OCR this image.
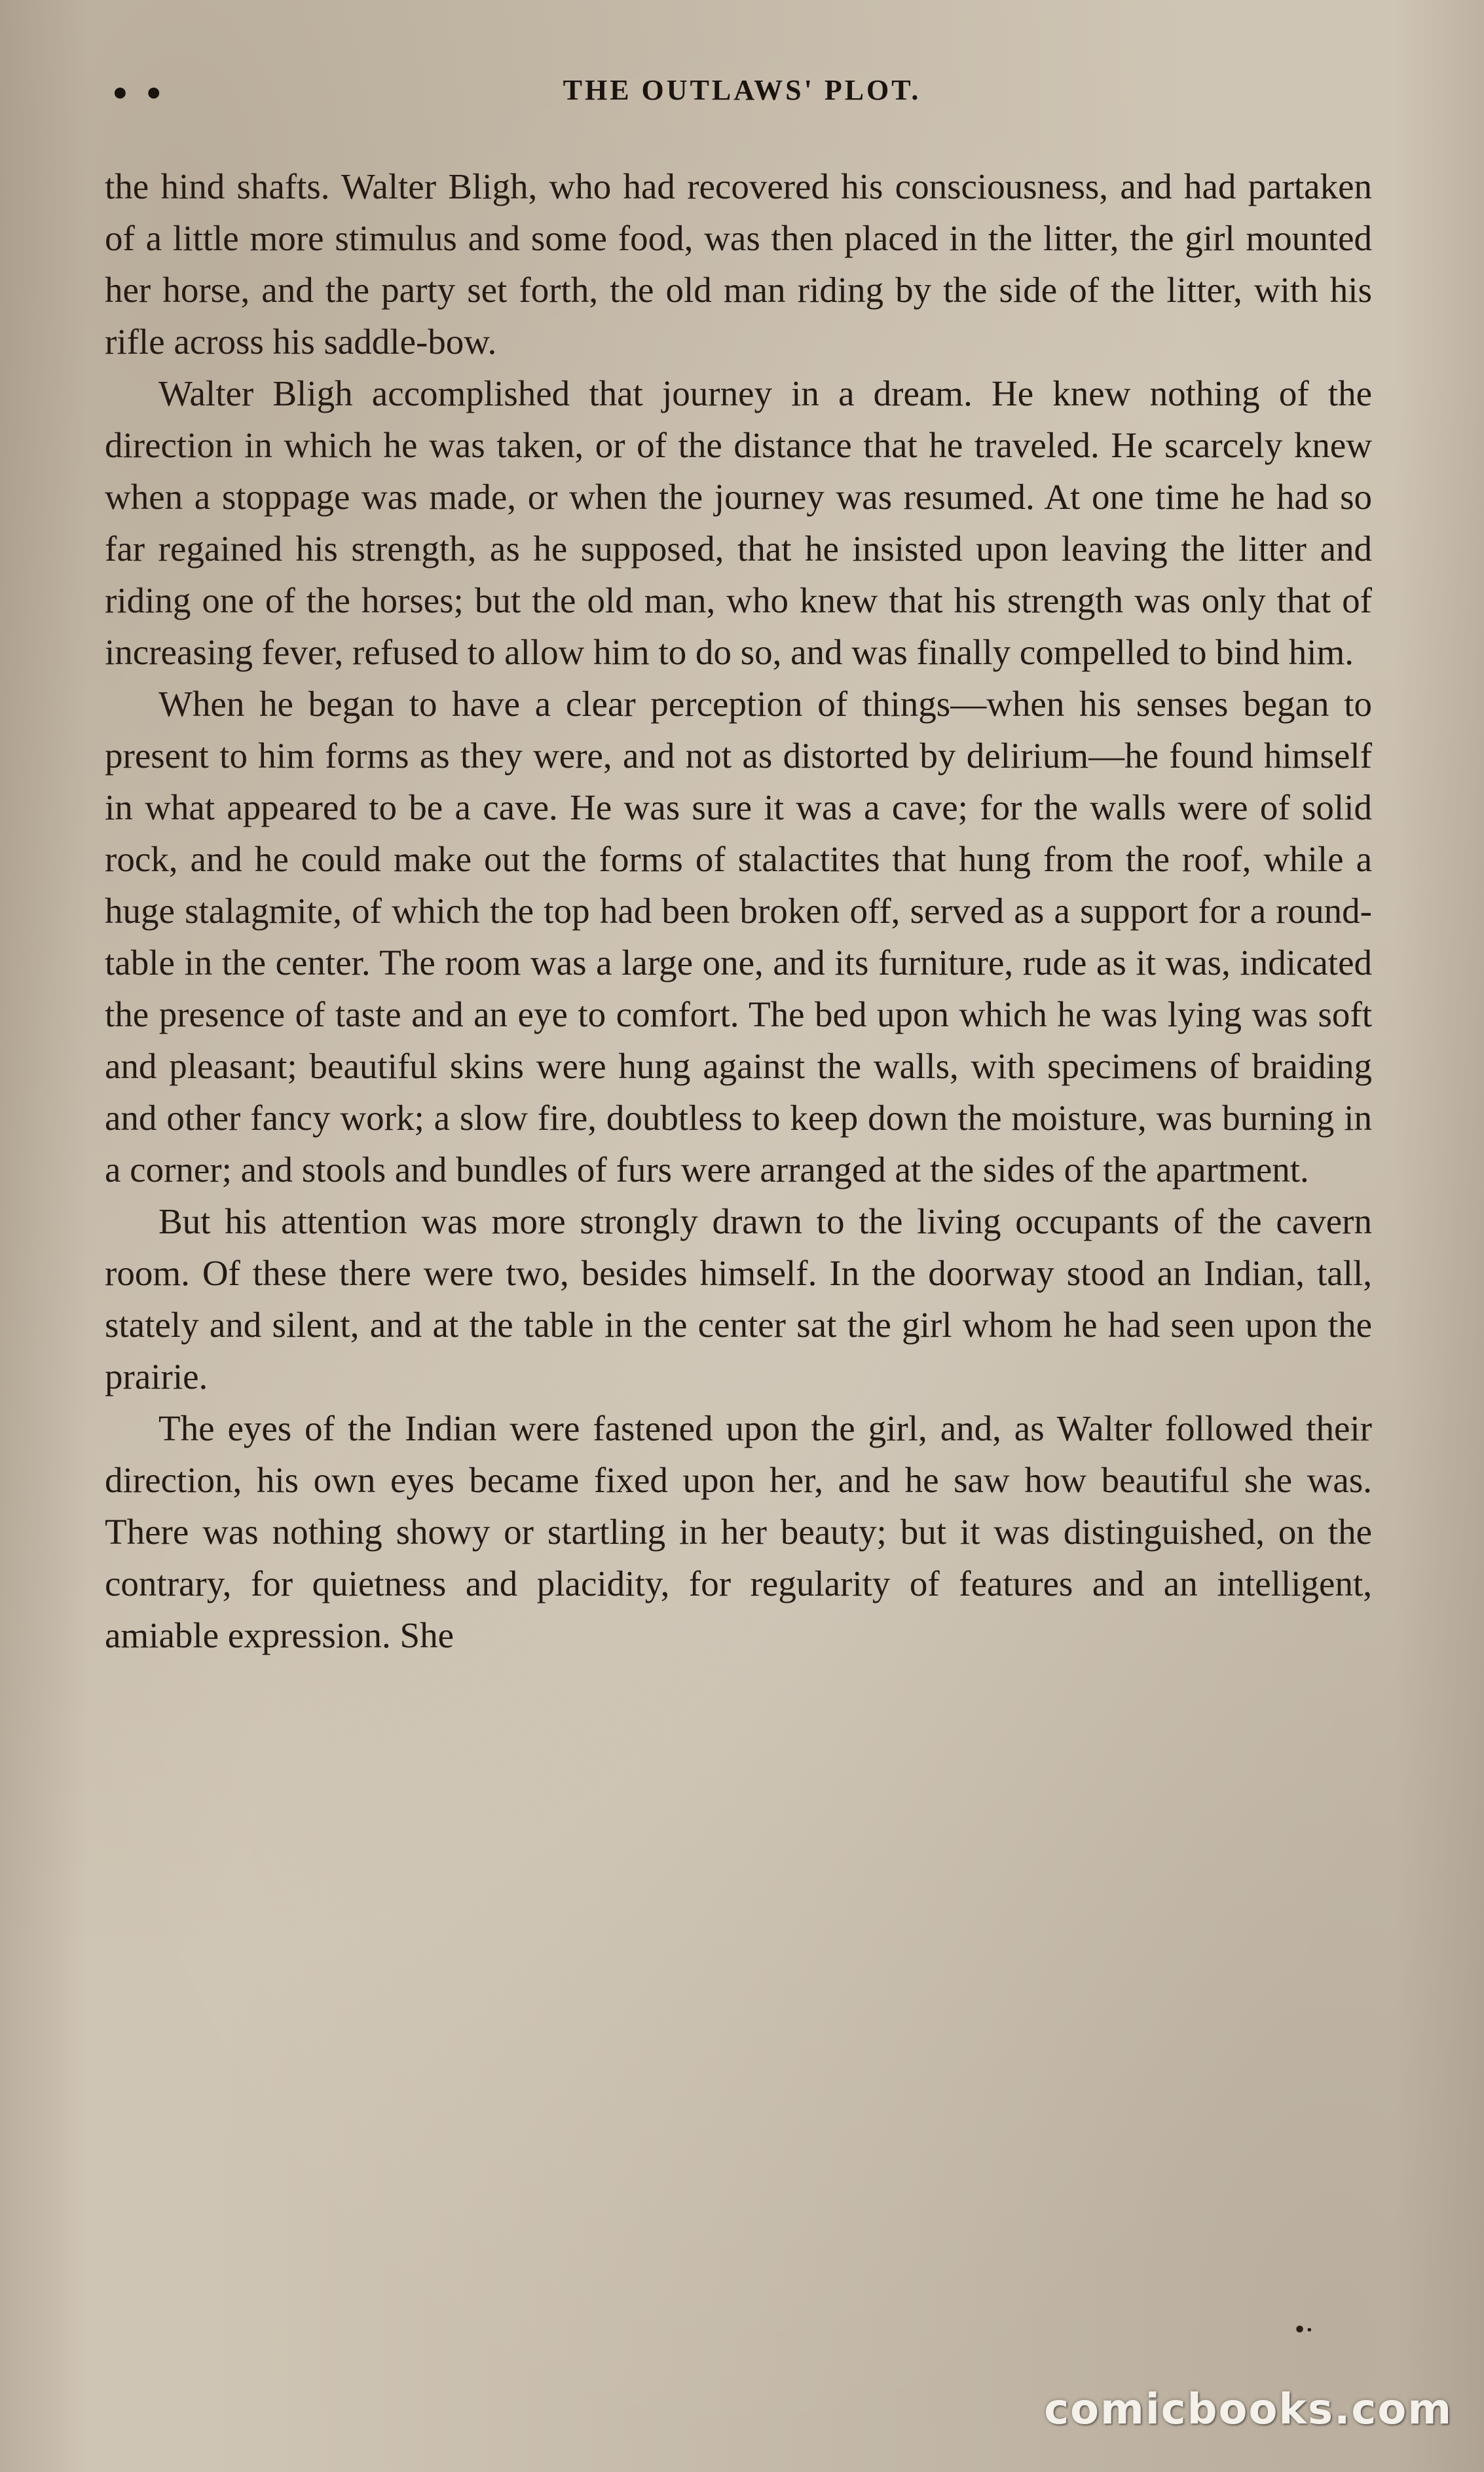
• •	THE OUTLAWS' PLOT.

the hind shafts. Walter Bligh, who had recovered his consciousness, and had partaken of a little more stimulus and some food, was then placed in the litter, the girl mounted her horse, and the party set forth, the old man riding by the side of the litter, with his rifle across his saddle-bow.

Walter Bligh accomplished that journey in a dream. He knew nothing of the direction in which he was taken, or of the distance that he traveled. He scarcely knew when a stoppage was made, or when the journey was resumed. At one time he had so far regained his strength, as he supposed, that he insisted upon leaving the litter and riding one of the horses; but the old man, who knew that his strength was only that of increasing fever, refused to allow him to do so, and was finally compelled to bind him.

When he began to have a clear perception of things—when his senses began to present to him forms as they were, and not as distorted by delirium—he found himself in what appeared to be a cave. He was sure it was a cave; for the walls were of solid rock, and he could make out the forms of stalactites that hung from the roof, while a huge stalagmite, of which the top had been broken off, served as a support for a round-table in the center. The room was a large one, and its furniture, rude as it was, indicated the presence of taste and an eye to comfort. The bed upon which he was lying was soft and pleasant; beautiful skins were hung against the walls, with specimens of braiding and other fancy work; a slow fire, doubtless to keep down the moisture, was burning in a corner; and stools and bundles of furs were arranged at the sides of the apartment.

But his attention was more strongly drawn to the living occupants of the cavern room. Of these there were two, besides himself. In the doorway stood an Indian, tall, stately and silent, and at the table in the center sat the girl whom he had seen upon the prairie.

The eyes of the Indian were fastened upon the girl, and, as Walter followed their direction, his own eyes became fixed upon her, and he saw how beautiful she was. There was nothing showy or startling in her beauty; but it was distinguished, on the contrary, for quietness and placidity, for regularity of features and an intelligent, amiable expression. She

•·
comicbooks.com
